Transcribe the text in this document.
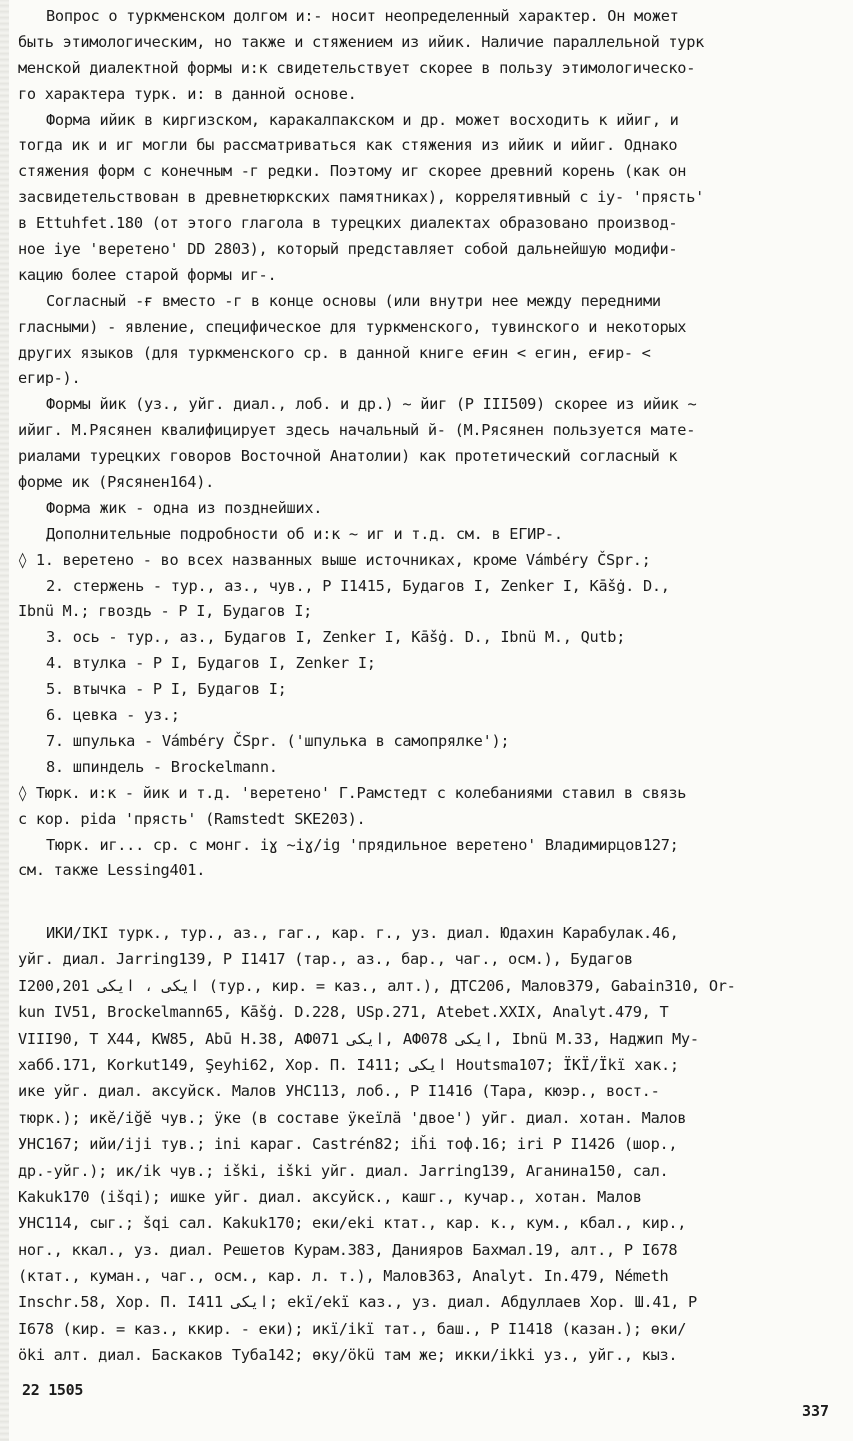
Вопрос о туркменском долгом и:- носит неопределенный характер. Он может
быть этимологическим, но также и стяжением из ийик. Наличие параллельной турк
менской диалектной формы и:к свидетельствует скорее в пользу этимологическо-
го характера турк. и: в данной основе.
Форма ийик в киргизском, каракалпакском и др. может восходить к ийиг, и
тогда ик и иг могли бы рассматриваться как стяжения из ийик и ийиг. Однако
стяжения форм с конечным -г редки. Поэтому иг скорее древний корень (как он
засвидетельствован в древнетюркских памятниках), коррелятивный с iy- 'прясть'
в Ettuhfet.180 (от этого глагола в турецких диалектах образовано производ-
ное iye 'веретено' DD 2803), который представляет собой дальнейшую модифи-
кацию более старой формы иг-.
Согласный -ғ вместо -г в конце основы (или внутри нее между передними
гласными) - явление, специфическое для туркменского, тувинского и некоторых
других языков (для туркменского ср. в данной книге еғин < егин, еғир- <
егир-).
Формы йик (уз., уйг. диал., лоб. и др.) ~ йиг (Р III509) скорее из ийик ~
ийиг. М.Рясянен квалифицирует здесь начальный й- (М.Рясянен пользуется мате-
риалами турецких говоров Восточной Анатолии) как протетический согласный к
форме ик (Рясянен164).
Форма жик - одна из позднейших.
Дополнительные подробности об и:к ~ иг и т.д. см. в ЕГИР-.
◊ 1. веретено - во всех названных выше источниках, кроме Vámbéry ČSpr.;
2. стержень - тур., аз., чув., Р I1415, Будагов I, Zenker I, Kāšġ. D.,
Ibnü M.; гвоздь - Р I, Будагов I;
3. ось - тур., аз., Будагов I, Zenker I, Kāšġ. D., Ibnü M., Qutb;
4. втулка - Р I, Будагов I, Zenker I;
5. втычка - Р I, Будагов I;
6. цевка - уз.;
7. шпулька - Vámbéry ČSpr. ('шпулька в самопрялке');
8. шпиндель - Brockelmann.
◊ Тюрк. и:к - йик и т.д. 'веретено' Г.Рамстедт с колебаниями ставил в связь
с кор. pida 'прясть' (Ramstedt SKE203).
Тюрк. иг... ср. с монг. iɣ ~iɣ/ig 'прядильное веретено' Владимирцов127;
см. также Lessing401.
ИКИ/IKI турк., тур., аз., гаг., кар. г., уз. диал. Юдахин Карабулак.46,
уйг. диал. Jarring139, Р I1417 (тар., аз., бар., чаг., осм.), Будагов
I200,201 ايكى ، ايكى (тур., кир. = каз., алт.), ДТС206, Малов379, Gabain310, Or-
kun IV51, Brockelmann65, Kāšġ. D.228, USp.271, Atebet.XXIX, Analyt.479, T
VIII90, T X44, KW85, Abū H.38, АФ071 ايكى, АФ078 ايكى, Ibnü M.33, Наджип Му-
хабб.171, Korkut149, Şeyhi62, Хор. П. I411; ايكى Houtsma107; ÏKÏ/Ïkï хак.;
ике уйг. диал. аксуйск. Малов УНС113, лоб., Р I1416 (Тара, кюэр., вост.-
тюрк.); икĕ/iğĕ чув.; ӱке (в составе ӱкеїлä 'двое') уйг. диал. хотан. Малов
УНС167; ийи/iji тув.; ini караг. Castrén82; iȟi тоф.16; iri Р I1426 (шор.,
др.-уйг.); ик/ik чув.; iški, iški уйг. диал. Jarring139, Аганина150, сал.
Kakuk170 (išqi); ишке уйг. диал. аксуйск., кашг., кучар., хотан. Малов
УНС114, сыг.; šqi сал. Kakuk170; еки/eki ктат., кар. к., кум., кбал., кир.,
ног., ккал., уз. диал. Решетов Курам.383, Данияров Бахмал.19, алт., Р I678
(ктат., куман., чаг., осм., кар. л. т.), Малов363, Analyt. In.479, Németh
Inschr.58, Хор. П. I411 ايكى; ekï/ekï каз., уз. диал. Абдуллаев Хор. Ш.41, Р
I678 (кир. = каз., ккир. - еки); икï/ikï тат., баш., Р I1418 (казан.); өки/
öki алт. диал. Баскаков Туба142; өку/ökü там же; икки/ikki уз., уйг., кыз.
22 1505
337
